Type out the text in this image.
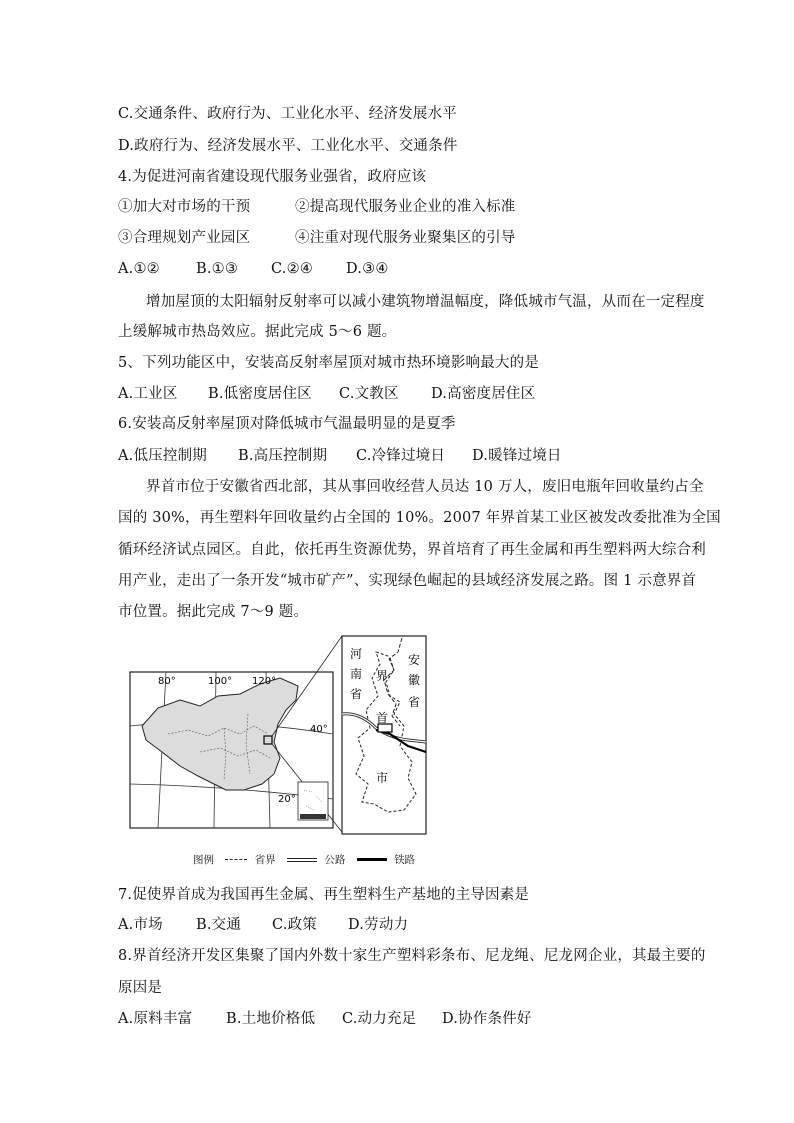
C.交通条件、政府行为、工业化水平、经济发展水平
D.政府行为、经济发展水平、工业化水平、交通条件
4.为促进河南省建设现代服务业强省，政府应该
①加大对市场的干预	②提高现代服务业企业的准入标准
③合理规划产业园区	④注重对现代服务业聚集区的引导
A.①② B.①③ C.②④ D.③④
增加屋顶的太阳辐射反射率可以减小建筑物增温幅度，降低城市气温，从而在一定程度
上缓解城市热岛效应。据此完成 5～6 题。
5、下列功能区中，安装高反射率屋顶对城市热环境影响最大的是
A.工业区 B.低密度居住区 C.文教区 D.高密度居住区
6.安装高反射率屋顶对降低城市气温最明显的是夏季
A.低压控制期 B.高压控制期 C.冷锋过境日 D.暖锋过境日
界首市位于安徽省西北部，其从事回收经营人员达 10 万人，废旧电瓶年回收量约占全
国的 30%，再生塑料年回收量约占全国的 10%。2007 年界首某工业区被发改委批准为全国
循环经济试点园区。自此，依托再生资源优势，界首培育了再生金属和再生塑料两大综合利
用产业，走出了一条开发“城市矿产”、实现绿色崛起的县域经济发展之路。图 1 示意界首
市位置。据此完成 7～9 题。
80°	100° 120°
40°
20°
河
南
省
安
徽
省
界
首
市
图例	省界	公路	铁路
7.促使界首成为我国再生金属、再生塑料生产基地的主导因素是
A.市场 B.交通 C.政策 D.劳动力
8.界首经济开发区集聚了国内外数十家生产塑料彩条布、尼龙绳、尼龙网企业，其最主要的
原因是
A.原料丰富 B.土地价格低 C.动力充足 D.协作条件好
